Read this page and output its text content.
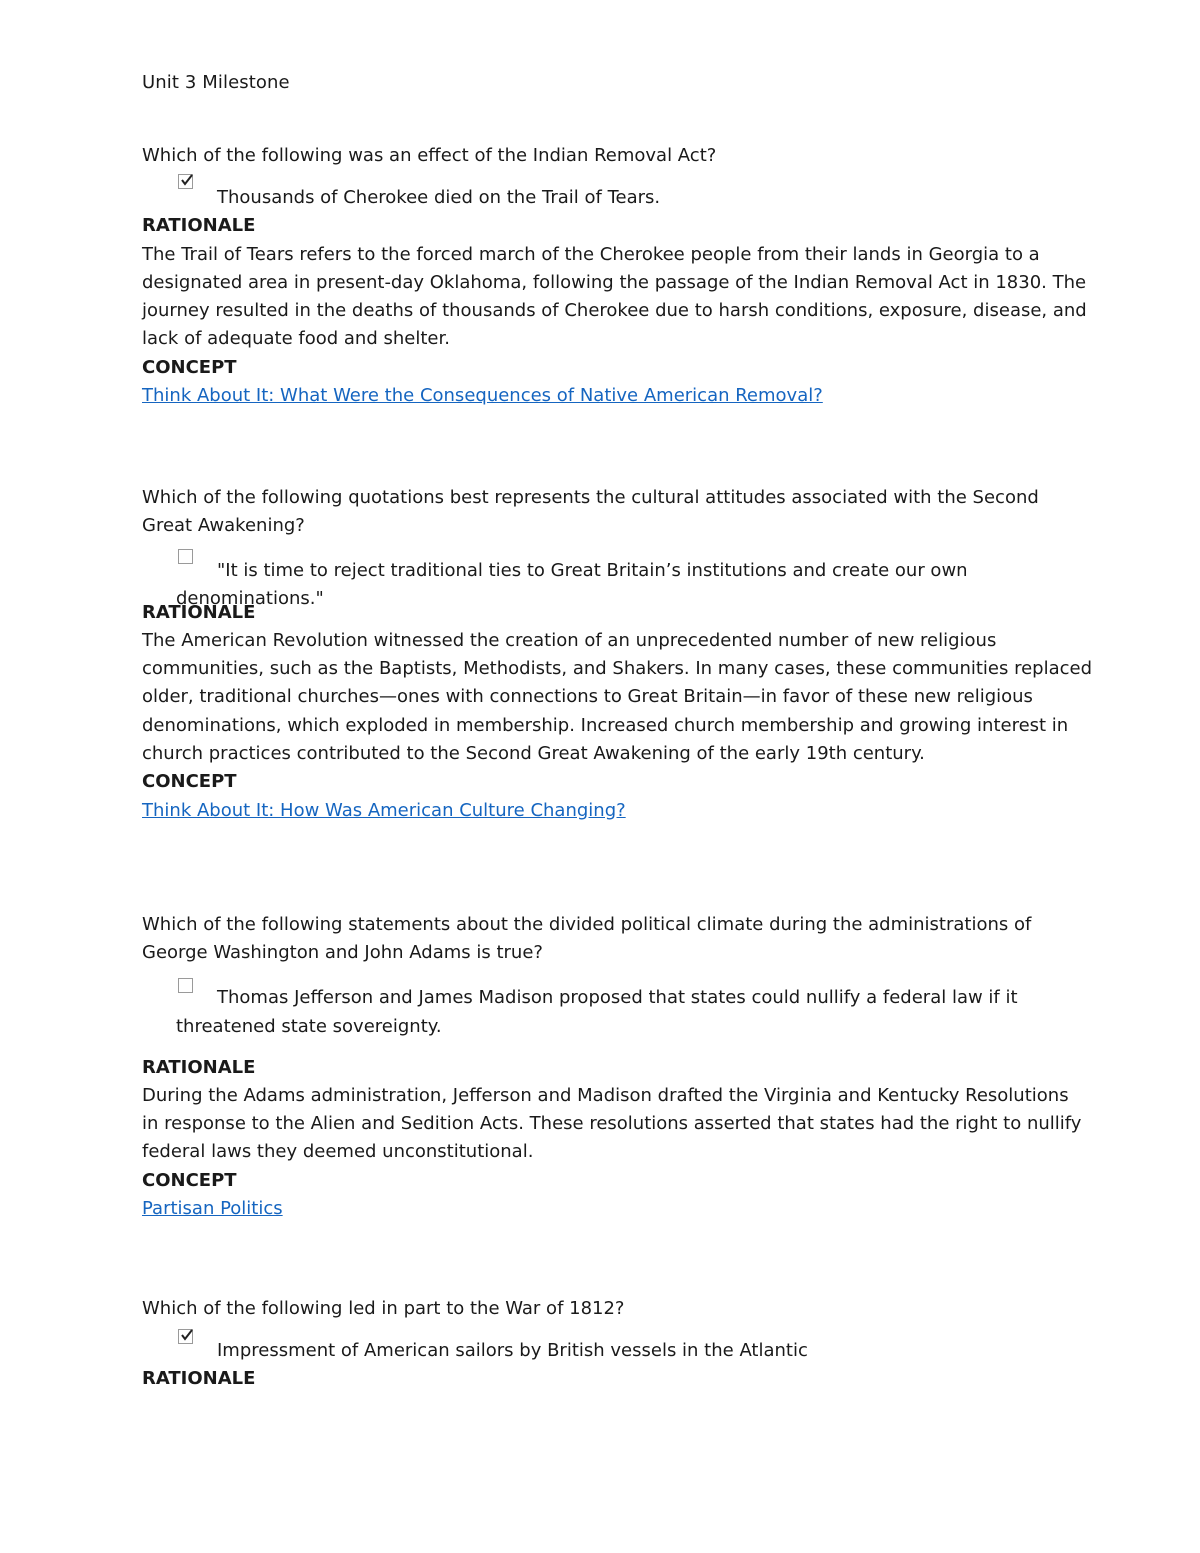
Unit 3 Milestone
Which of the following was an effect of the Indian Removal Act?
Thousands of Cherokee died on the Trail of Tears.
RATIONALE
The Trail of Tears refers to the forced march of the Cherokee people from their lands in Georgia to a
designated area in present-day Oklahoma, following the passage of the Indian Removal Act in 1830. The
journey resulted in the deaths of thousands of Cherokee due to harsh conditions, exposure, disease, and
lack of adequate food and shelter.
CONCEPT
Think About It: What Were the Consequences of Native American Removal?
Which of the following quotations best represents the cultural attitudes associated with the Second
Great Awakening?
"It is time to reject traditional ties to Great Britain’s institutions and create our own
denominations."
RATIONALE
The American Revolution witnessed the creation of an unprecedented number of new religious
communities, such as the Baptists, Methodists, and Shakers. In many cases, these communities replaced
older, traditional churches—ones with connections to Great Britain—in favor of these new religious
denominations, which exploded in membership. Increased church membership and growing interest in
church practices contributed to the Second Great Awakening of the early 19th century.
CONCEPT
Think About It: How Was American Culture Changing?
Which of the following statements about the divided political climate during the administrations of
George Washington and John Adams is true?
Thomas Jefferson and James Madison proposed that states could nullify a federal law if it
threatened state sovereignty.
RATIONALE
During the Adams administration, Jefferson and Madison drafted the Virginia and Kentucky Resolutions
in response to the Alien and Sedition Acts. These resolutions asserted that states had the right to nullify
federal laws they deemed unconstitutional.
CONCEPT
Partisan Politics
Which of the following led in part to the War of 1812?
Impressment of American sailors by British vessels in the Atlantic
RATIONALE
